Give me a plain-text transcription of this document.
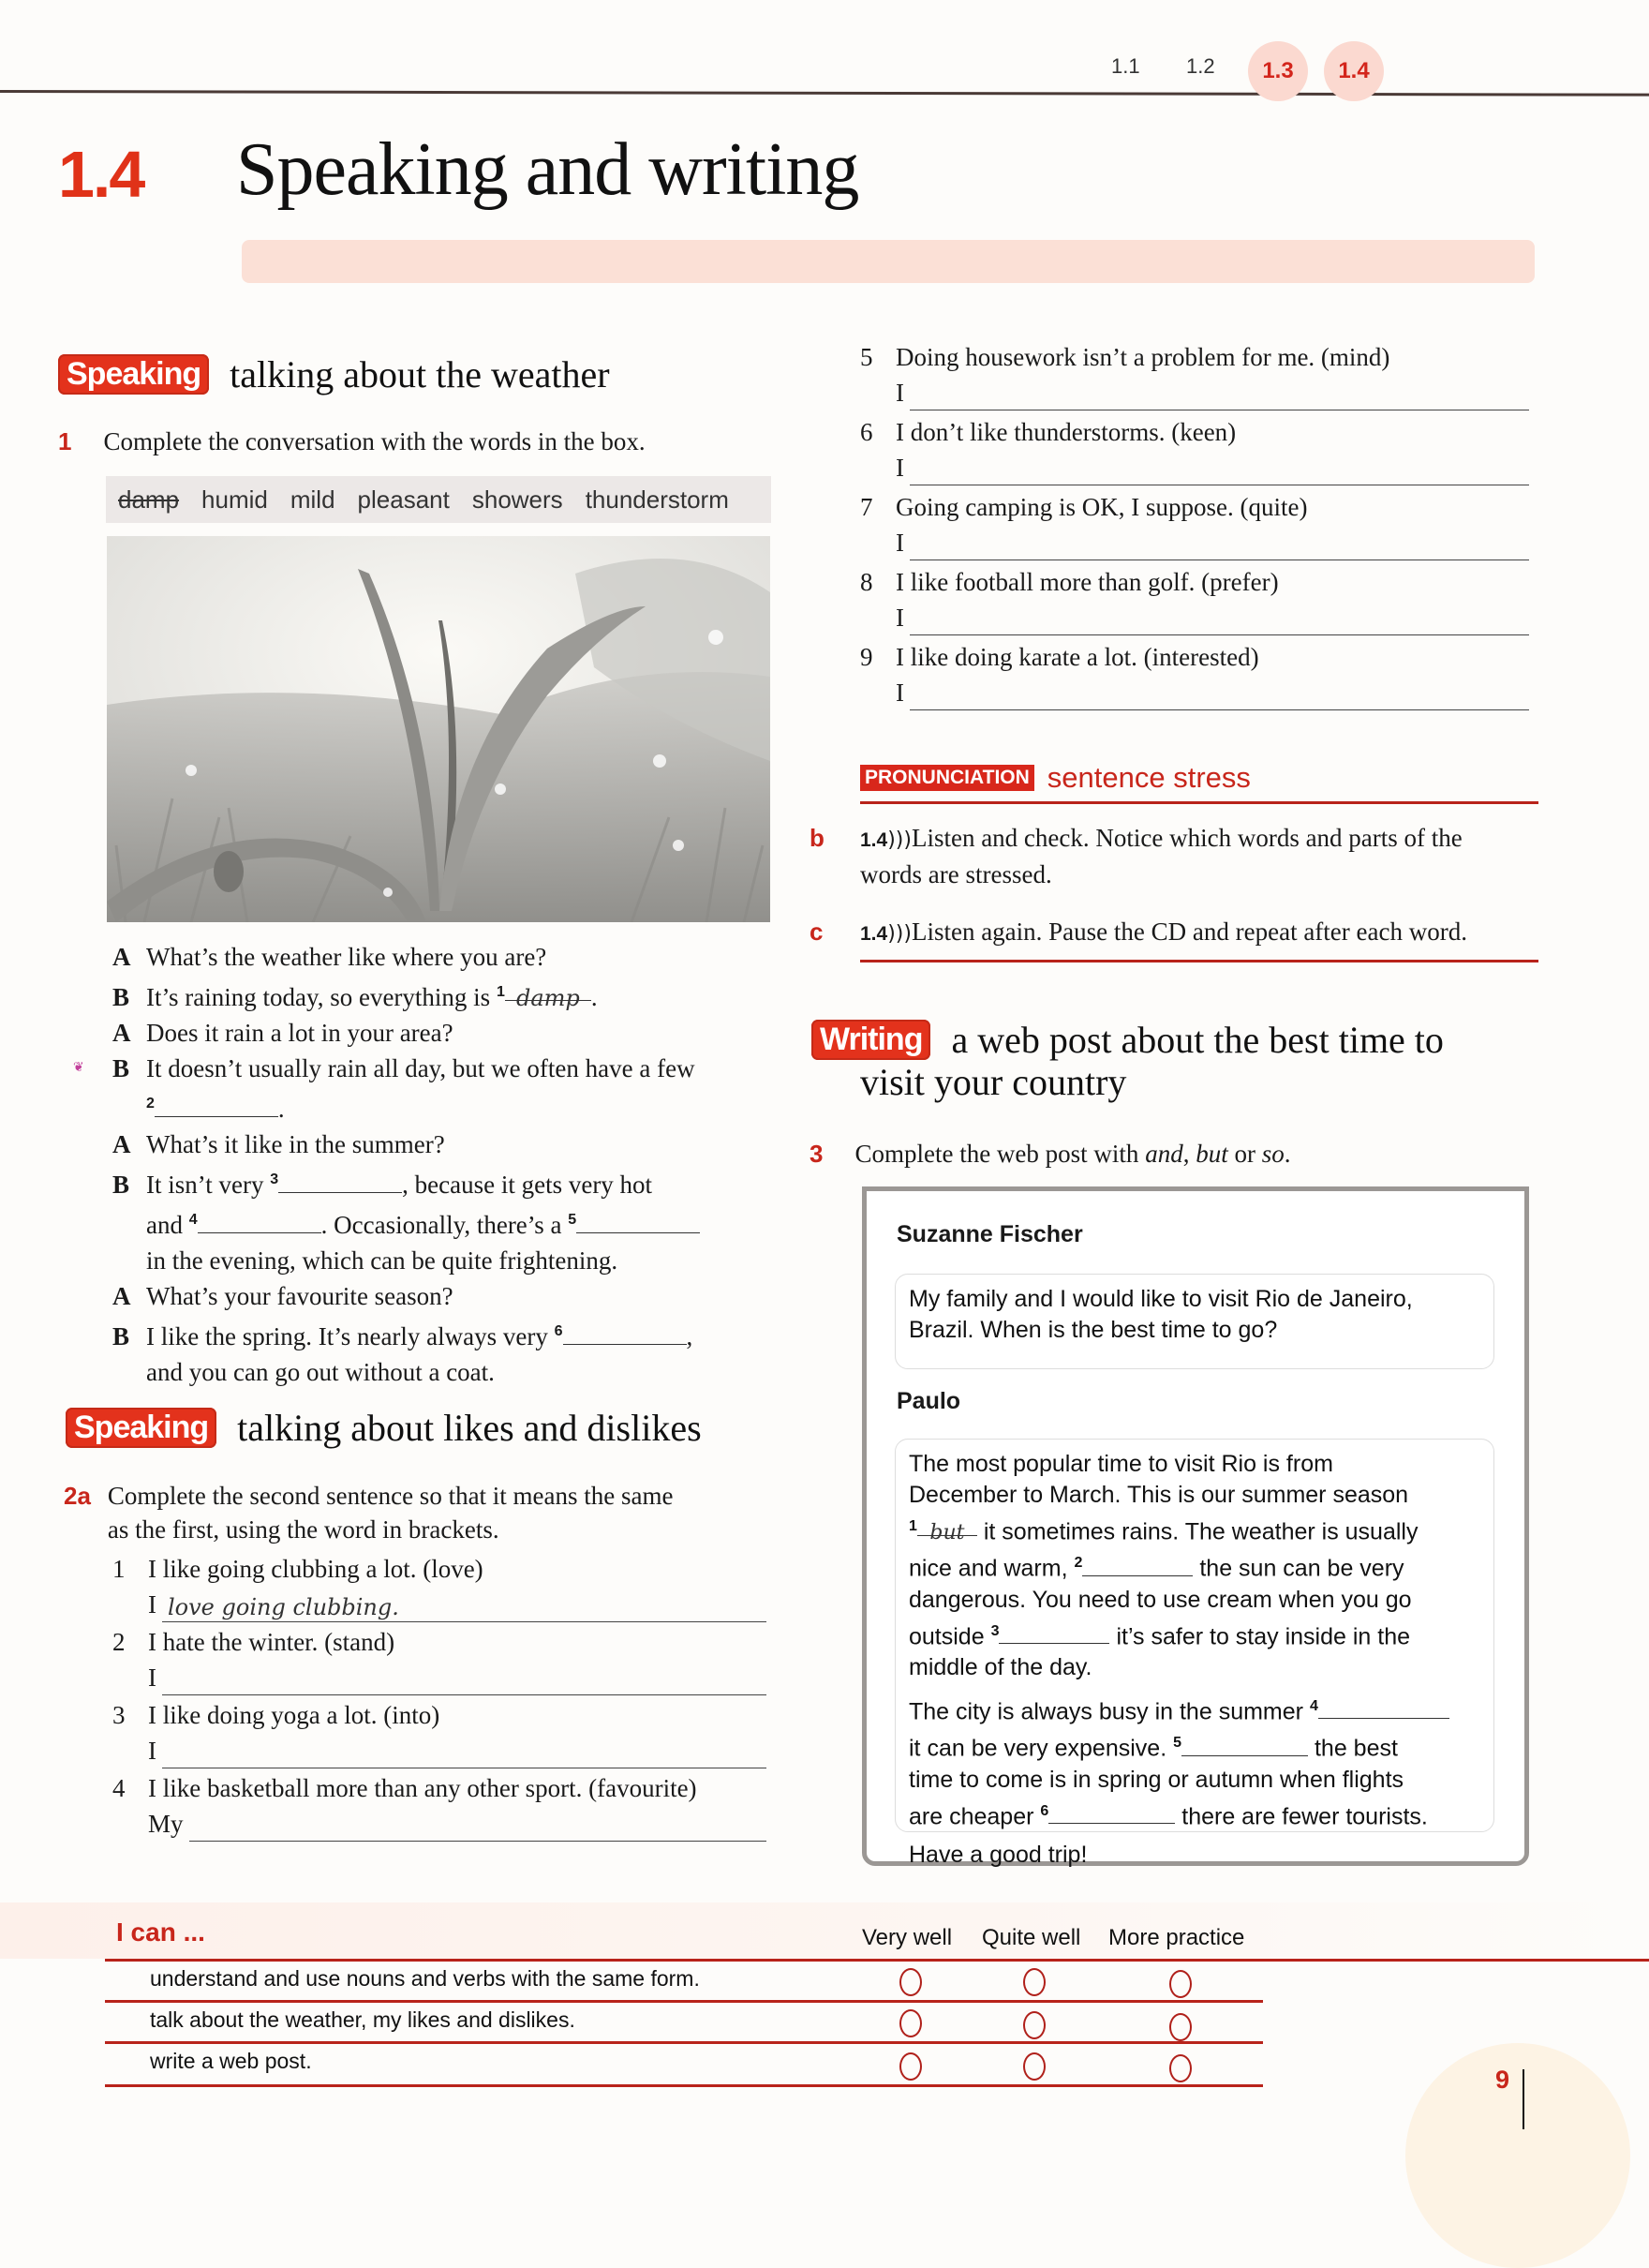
1.1 1.2	1.3	1.4
1.4 Speaking and writing
Speaking talking about the weather
1 Complete the conversation with the words in the box.
damp humid mild pleasant showers thunderstorm
A What’s the weather like where you are?
B It’s raining today, so everything is $^1$ damp .
A Does it rain a lot in your area?
❦ B It doesn’t usually rain all day, but we often have a few
$^2$	.
A What’s it like in the summer?
B It isn’t very $^3$	, because it gets very hot
and $^4$	. Occasionally, there’s a $^5$
in the evening, which can be quite frightening.
A What’s your favourite season?
B I like the spring. It’s nearly always very $^6$	,
and you can go out without a coat.
Speaking talking about likes and dislikes
2a Complete the second sentence so that it means the same
as the first, using the word in brackets.
1 I like going clubbing a lot. (love)
I love going clubbing.
2 I hate the winter. (stand)
I
3 I like doing yoga a lot. (into)
I
4 I like basketball more than any other sport. (favourite)
My
5 Doing housework isn’t a problem for me. (mind)
I
6 I don’t like thunderstorms. (keen)
I
7 Going camping is OK, I suppose. (quite)
I
8 I like football more than golf. (prefer)
I
9 I like doing karate a lot. (interested)
I
PRONUNCIATION sentence stress
b 1.4)))Listen and check. Notice which words and parts of the
words are stressed.
c 1.4)))Listen again. Pause the CD and repeat after each word.
Writing a web post about the best time to
visit your country
3 Complete the web post with and, but or so.
Suzanne Fischer
My family and I would like to visit Rio de Janeiro,
Brazil. When is the best time to go?
Paulo
The most popular time to visit Rio is from
December to March. This is our summer season
$^1$ but it sometimes rains. The weather is usually
nice and warm, $^2$	the sun can be very
dangerous. You need to use cream when you go
outside $^3$	it’s safer to stay inside in the
middle of the day.
The city is always busy in the summer $^4$
it can be very expensive. $^5$	the best
time to come is in spring or autumn when flights
are cheaper $^6$	there are fewer tourists.
Have a good trip!
I can ...	Very well Quite well More practice
understand and use nouns and verbs with the same form.
talk about the weather, my likes and dislikes.
write a web post.
9
